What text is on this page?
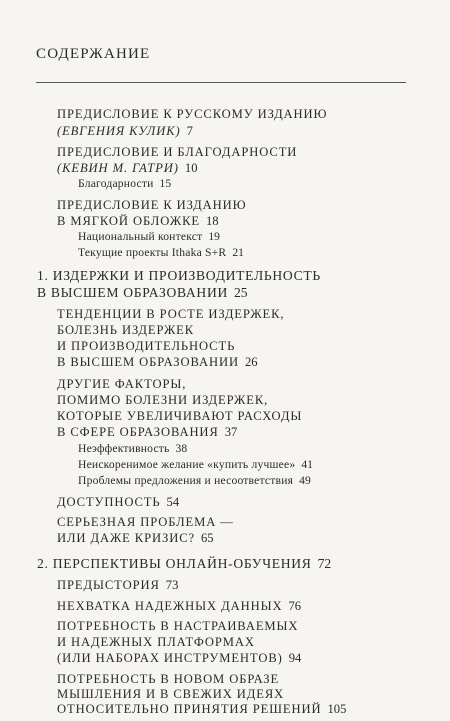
СОДЕРЖАНИЕ
ПРЕДИСЛОВИЕ К РУССКОМУ ИЗДАНИЮ
(ЕВГЕНИЯ КУЛИК) 7
ПРЕДИСЛОВИЕ И БЛАГОДАРНОСТИ
(КЕВИН М. ГАТРИ) 10
Благодарности 15
ПРЕДИСЛОВИЕ К ИЗДАНИЮ
В МЯГКОЙ ОБЛОЖКЕ 18
Национальный контекст 19
Текущие проекты Ithaka S+R 21
1. ИЗДЕРЖКИ И ПРОИЗВОДИТЕЛЬНОСТЬ
В ВЫСШЕМ ОБРАЗОВАНИИ 25
ТЕНДЕНЦИИ В РОСТЕ ИЗДЕРЖЕК,
БОЛЕЗНЬ ИЗДЕРЖЕК
И ПРОИЗВОДИТЕЛЬНОСТЬ
В ВЫСШЕМ ОБРАЗОВАНИИ 26
ДРУГИЕ ФАКТОРЫ,
ПОМИМО БОЛЕЗНИ ИЗДЕРЖЕК,
КОТОРЫЕ УВЕЛИЧИВАЮТ РАСХОДЫ
В СФЕРЕ ОБРАЗОВАНИЯ 37
Неэффективность 38
Неискоренимое желание «купить лучшее» 41
Проблемы предложения и несоответствия 49
ДОСТУПНОСТЬ 54
СЕРЬЕЗНАЯ ПРОБЛЕМА —
ИЛИ ДАЖЕ КРИЗИС? 65
2. ПЕРСПЕКТИВЫ ОНЛАЙН-ОБУЧЕНИЯ 72
ПРЕДЫСТОРИЯ 73
НЕХВАТКА НАДЕЖНЫХ ДАННЫХ 76
ПОТРЕБНОСТЬ В НАСТРАИВАЕМЫХ
И НАДЕЖНЫХ ПЛАТФОРМАХ
(ИЛИ НАБОРАХ ИНСТРУМЕНТОВ) 94
ПОТРЕБНОСТЬ В НОВОМ ОБРАЗЕ
МЫШЛЕНИЯ И В СВЕЖИХ ИДЕЯХ
ОТНОСИТЕЛЬНО ПРИНЯТИЯ РЕШЕНИЙ 105
